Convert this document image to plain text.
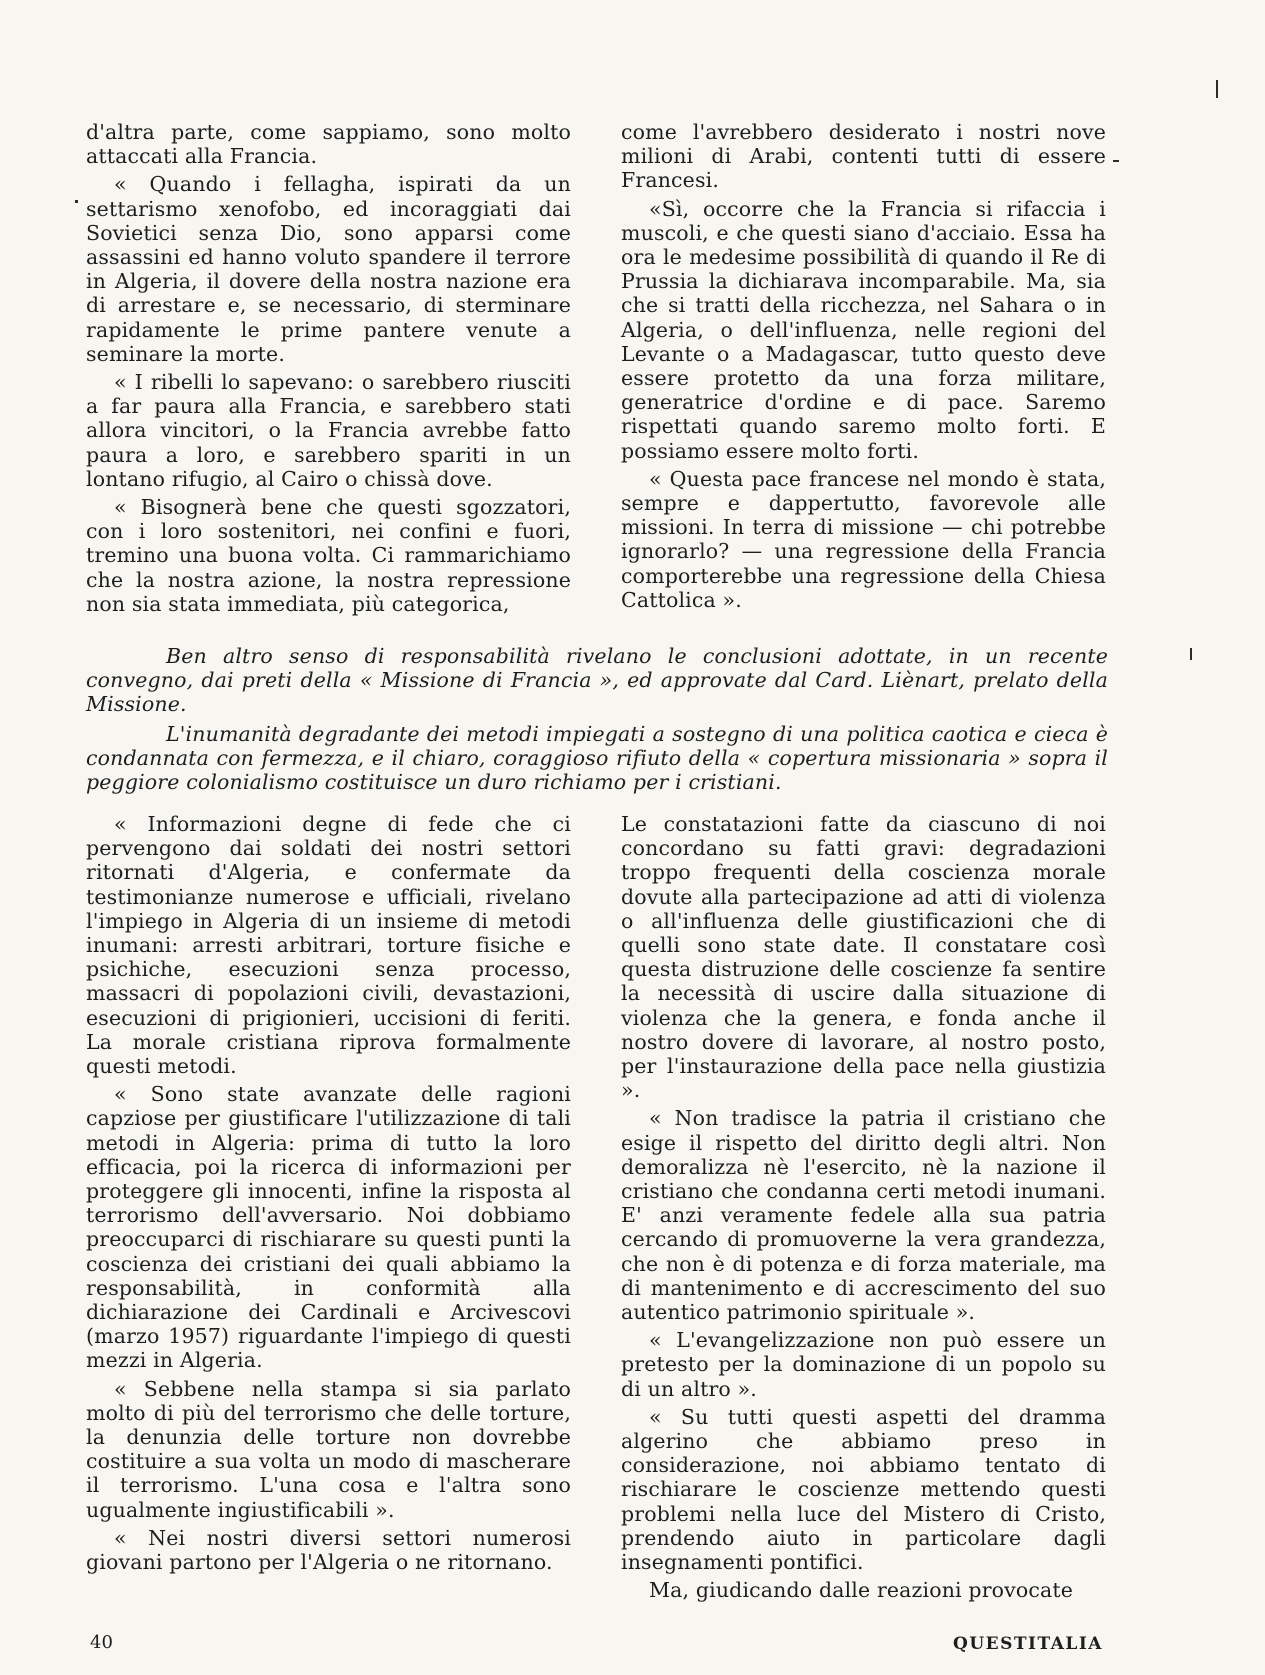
d'altra parte, come sappiamo, sono molto attaccati alla Francia.

« Quando i fellagha, ispirati da un settarismo xenofobo, ed incoraggiati dai Sovietici senza Dio, sono apparsi come assassini ed hanno voluto spandere il terrore in Algeria, il dovere della nostra nazione era di arrestare e, se necessario, di sterminare rapidamente le prime pantere venute a seminare la morte.

« I ribelli lo sapevano: o sarebbero riusciti a far paura alla Francia, e sarebbero stati allora vincitori, o la Francia avrebbe fatto paura a loro, e sarebbero spariti in un lontano rifugio, al Cairo o chissà dove.

« Bisognerà bene che questi sgozzatori, con i loro sostenitori, nei confini e fuori, tremino una buona volta. Ci rammarichiamo che la nostra azione, la nostra repressione non sia stata immediata, più categorica,

come l'avrebbero desiderato i nostri nove milioni di Arabi, contenti tutti di essere Francesi.

«Sì, occorre che la Francia si rifaccia i muscoli, e che questi siano d'acciaio. Essa ha ora le medesime possibilità di quando il Re di Prussia la dichiarava incomparabile. Ma, sia che si tratti della ricchezza, nel Sahara o in Algeria, o dell'influenza, nelle regioni del Levante o a Madagascar, tutto questo deve essere protetto da una forza militare, generatrice d'ordine e di pace. Saremo rispettati quando saremo molto forti. E possiamo essere molto forti.

« Questa pace francese nel mondo è stata, sempre e dappertutto, favorevole alle missioni. In terra di missione — chi potrebbe ignorarlo? — una regressione della Francia comporterebbe una regressione della Chiesa Cattolica ».

Ben altro senso di responsabilità rivelano le conclusioni adottate, in un recente convegno, dai preti della « Missione di Francia », ed approvate dal Card. Liènart, prelato della Missione.

L'inumanità degradante dei metodi impiegati a sostegno di una politica caotica e cieca è condannata con fermezza, e il chiaro, coraggioso rifiuto della « copertura missionaria » sopra il peggiore colonialismo costituisce un duro richiamo per i cristiani.

« Informazioni degne di fede che ci pervengono dai soldati dei nostri settori ritornati d'Algeria, e confermate da testimonianze numerose e ufficiali, rivelano l'impiego in Algeria di un insieme di metodi inumani: arresti arbitrari, torture fisiche e psichiche, esecuzioni senza processo, massacri di popolazioni civili, devastazioni, esecuzioni di prigionieri, uccisioni di feriti. La morale cristiana riprova formalmente questi metodi.

« Sono state avanzate delle ragioni capziose per giustificare l'utilizzazione di tali metodi in Algeria: prima di tutto la loro efficacia, poi la ricerca di informazioni per proteggere gli innocenti, infine la risposta al terrorismo dell'avversario. Noi dobbiamo preoccuparci di rischiarare su questi punti la coscienza dei cristiani dei quali abbiamo la responsabilità, in conformità alla dichiarazione dei Cardinali e Arcivescovi (marzo 1957) riguardante l'impiego di questi mezzi in Algeria.

« Sebbene nella stampa si sia parlato molto di più del terrorismo che delle torture, la denunzia delle torture non dovrebbe costituire a sua volta un modo di mascherare il terrorismo. L'una cosa e l'altra sono ugualmente ingiustificabili ».

« Nei nostri diversi settori numerosi giovani partono per l'Algeria o ne ritornano.

Le constatazioni fatte da ciascuno di noi concordano su fatti gravi: degradazioni troppo frequenti della coscienza morale dovute alla partecipazione ad atti di violenza o all'influenza delle giustificazioni che di quelli sono state date. Il constatare così questa distruzione delle coscienze fa sentire la necessità di uscire dalla situazione di violenza che la genera, e fonda anche il nostro dovere di lavorare, al nostro posto, per l'instaurazione della pace nella giustizia ».

« Non tradisce la patria il cristiano che esige il rispetto del diritto degli altri. Non demoralizza nè l'esercito, nè la nazione il cristiano che condanna certi metodi inumani. E' anzi veramente fedele alla sua patria cercando di promuoverne la vera grandezza, che non è di potenza e di forza materiale, ma di mantenimento e di accrescimento del suo autentico patrimonio spirituale ».

« L'evangelizzazione non può essere un pretesto per la dominazione di un popolo su di un altro ».

« Su tutti questi aspetti del dramma algerino che abbiamo preso in considerazione, noi abbiamo tentato di rischiarare le coscienze mettendo questi problemi nella luce del Mistero di Cristo, prendendo aiuto in particolare dagli insegnamenti pontifici.

Ma, giudicando dalle reazioni provocate

40	QUESTITALIA
